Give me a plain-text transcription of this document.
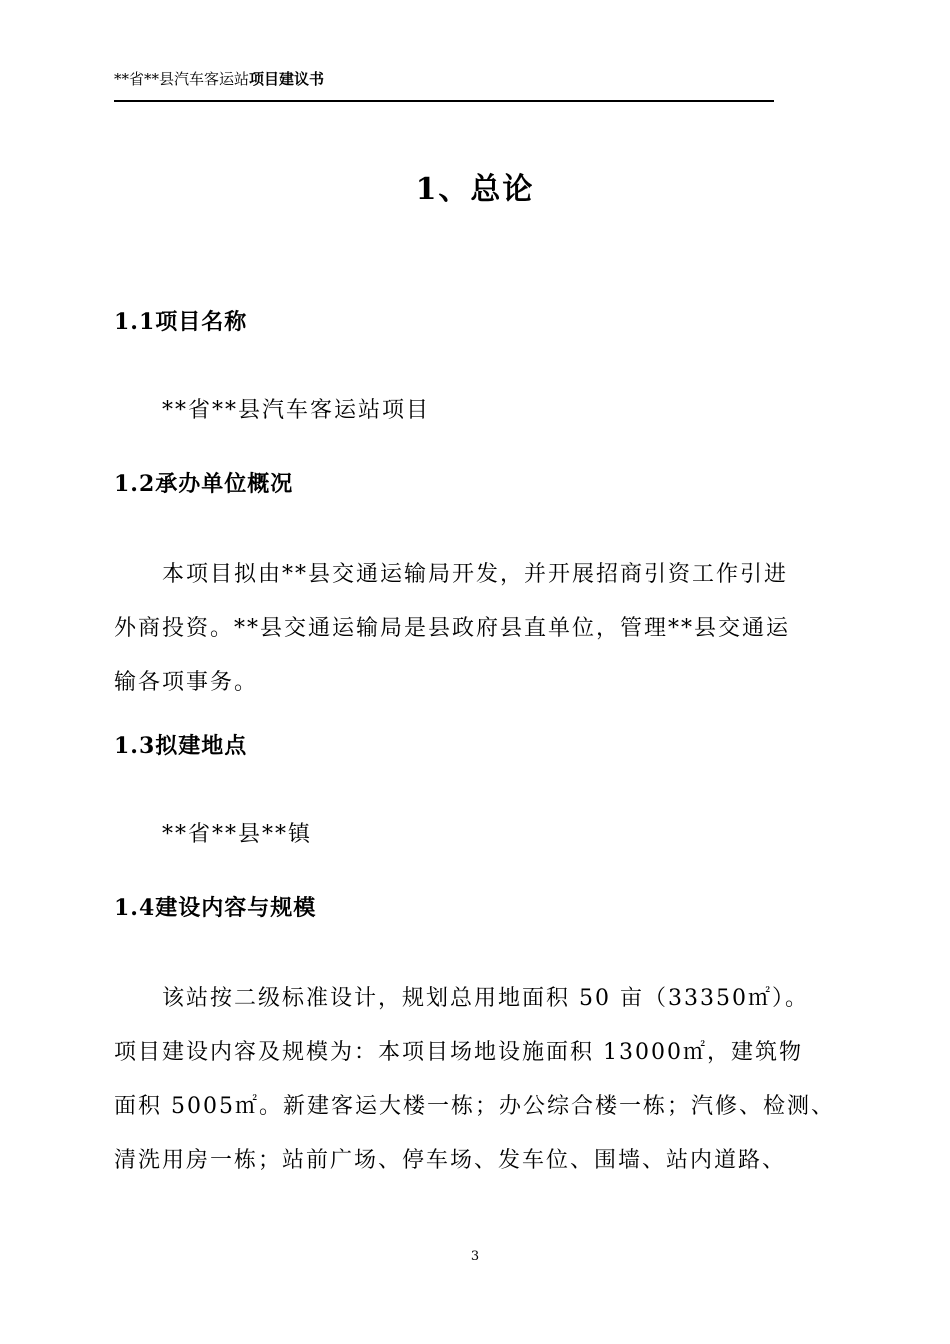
**省**县汽车客运站项目建议书
1、总论
1.1项目名称
**省**县汽车客运站项目
1.2承办单位概况
本项目拟由**县交通运输局开发，并开展招商引资工作引进
外商投资。**县交通运输局是县政府县直单位，管理**县交通运
输各项事务。
1.3拟建地点
**省**县**镇
1.4建设内容与规模
该站按二级标准设计，规划总用地面积 50 亩（33350㎡）。
项目建设内容及规模为：本项目场地设施面积 13000㎡，建筑物
面积 5005㎡。新建客运大楼一栋；办公综合楼一栋；汽修、检测、
清洗用房一栋；站前广场、停车场、发车位、围墙、站内道路、
3
